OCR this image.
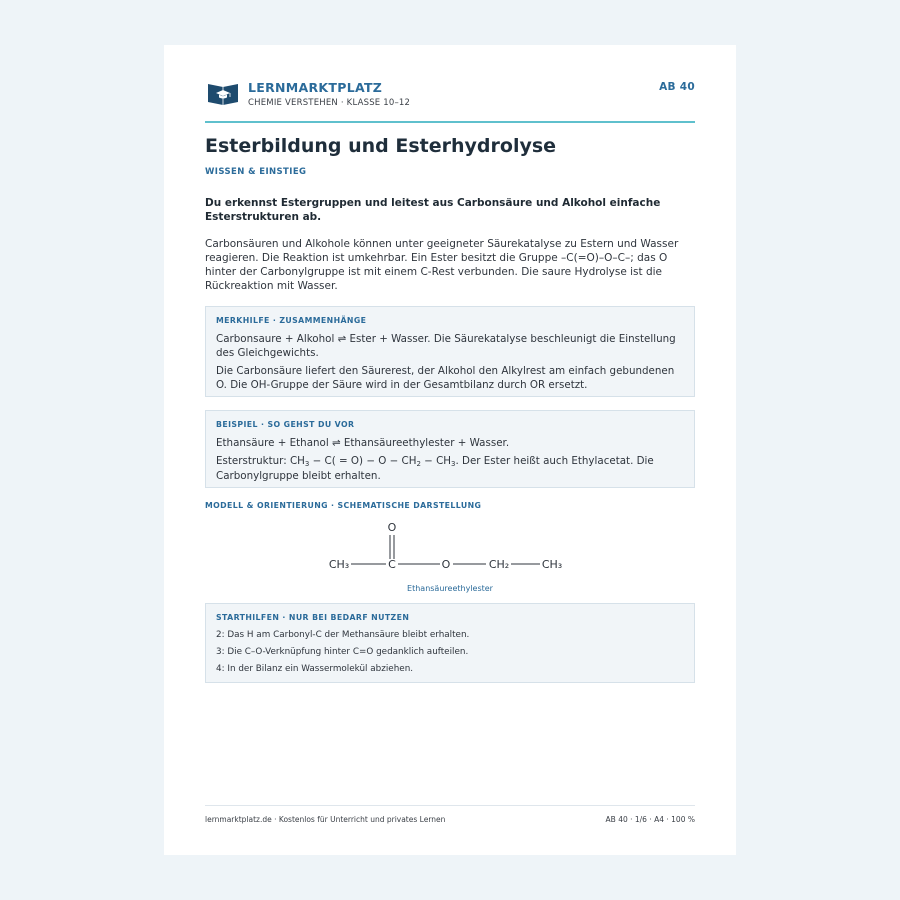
LERNMARKTPLATZ
CHEMIE VERSTEHEN · KLASSE 10–12
AB 40
Esterbildung und Esterhydrolyse
WISSEN & EINSTIEG

Du erkennst Estergruppen und leitest aus Carbonsäure und Alkohol einfache Esterstrukturen ab.

Carbonsäuren und Alkohole können unter geeigneter Säurekatalyse zu Estern und Wasser reagieren. Die Reaktion ist umkehrbar. Ein Ester besitzt die Gruppe –C(=O)–O–C–; das O hinter der Carbonylgruppe ist mit einem C-Rest verbunden. Die saure Hydrolyse ist die Rückreaktion mit Wasser.

MERKHILFE · ZUSAMMENHÄNGE

Carbonsaure + Alkohol ⇌ Ester + Wasser. Die Säurekatalyse beschleunigt die Einstellung des Gleichgewichts.

Die Carbonsäure liefert den Säurerest, der Alkohol den Alkylrest am einfach gebundenen O. Die OH-Gruppe der Säure wird in der Gesamtbilanz durch OR ersetzt.

BEISPIEL · SO GEHST DU VOR

Ethansäure + Ethanol ⇌ Ethansäureethylester + Wasser.

Esterstruktur: $CH_3 - C( = O) - O - CH_2 - CH_3$. Der Ester heißt auch Ethylacetat. Die Carbonylgruppe bleibt erhalten.

MODELL & ORIENTIERUNG · SCHEMATISCHE DARSTELLUNG
O
CH₃	C	O	CH₂	CH₃
Ethansäureethylester
STARTHILFEN · NUR BEI BEDARF NUTZEN

2: Das H am Carbonyl-C der Methansäure bleibt erhalten.

3: Die C–O-Verknüpfung hinter C=O gedanklich aufteilen.

4: In der Bilanz ein Wassermolekül abziehen.

lernmarktplatz.de · Kostenlos für Unterricht und privates Lernen	AB 40 · 1/6 · A4 · 100 %
